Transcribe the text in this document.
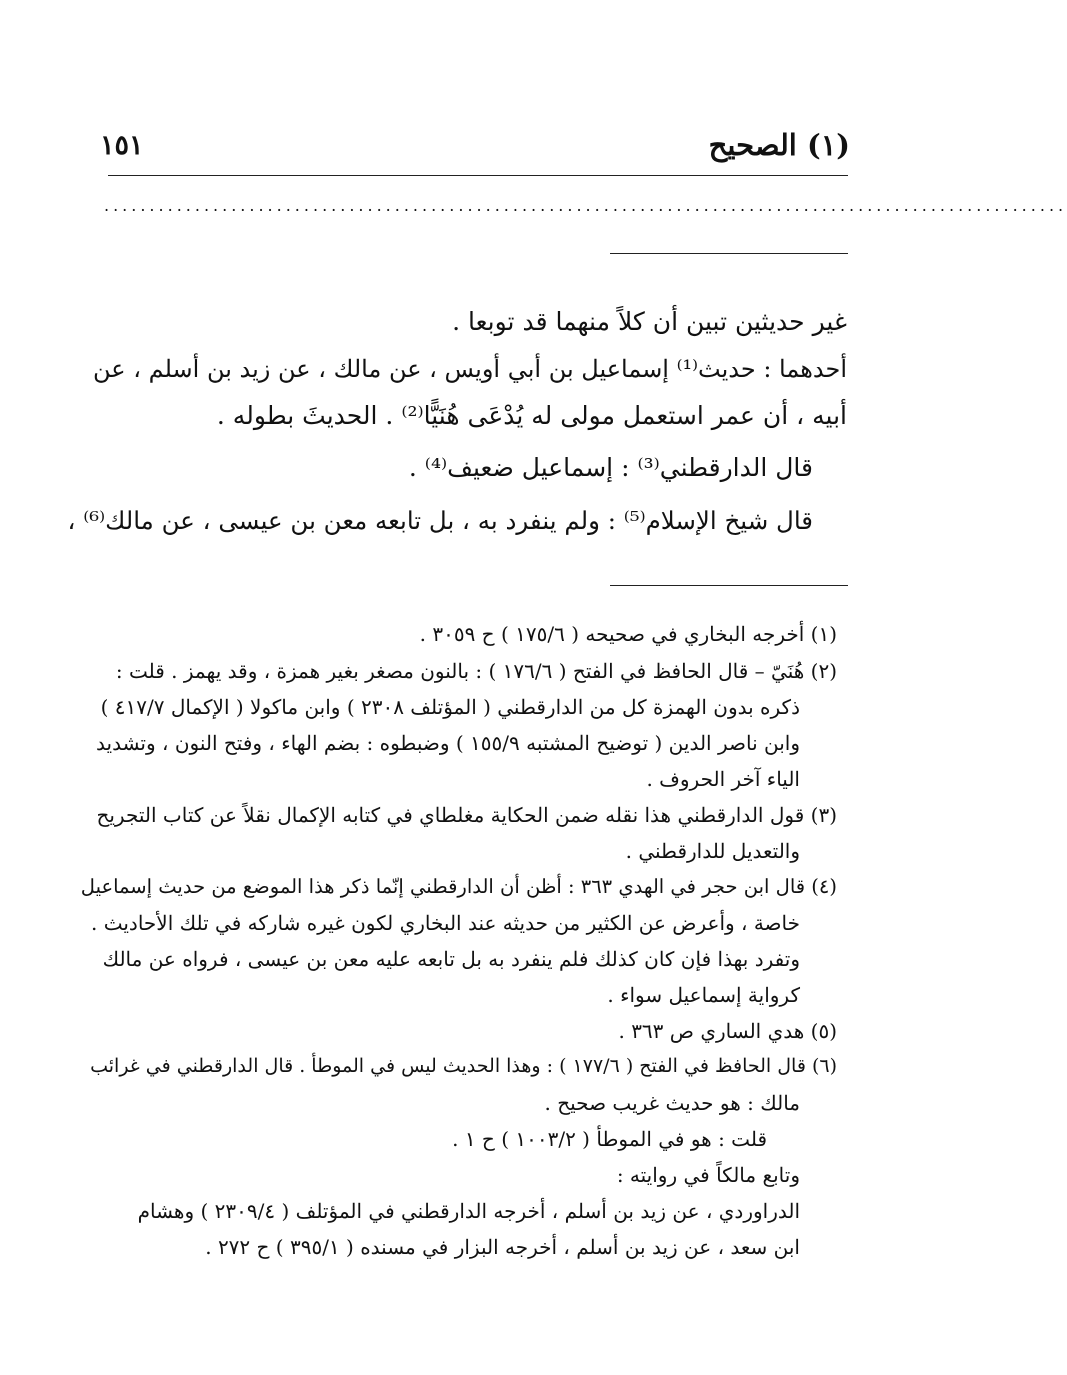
١٥١	(١) الصحيح
..........................................................................................................
غير حديثين تبين أن كلاً منهما قد توبعا .
أحدهما : حديث⁽¹⁾ إسماعيل بن أبي أويس ، عن مالك ، عن زيد بن أسلم ، عن
أبيه ، أن عمر استعمل مولى له يُدْعَى هُنَيًّا⁽²⁾ . الحديثَ بطوله .
قال الدارقطني⁽³⁾ : إسماعيل ضعيف⁽⁴⁾ .
قال شيخ الإسلام⁽⁵⁾ : ولم ينفرد به ، بل تابعه معن بن عيسى ، عن مالك⁽⁶⁾ ،
(١) أخرجه البخاري في صحيحه ( ١٧٥/٦ ) ح ٣٠٥٩ .
(٢) هُنَيّ – قال الحافظ في الفتح ( ١٧٦/٦ ) : بالنون مصغر بغير همزة ، وقد يهمز . قلت :
ذكره بدون الهمزة كل من الدارقطني ( المؤتلف ٢٣٠٨ ) وابن ماكولا ( الإكمال ٤١٧/٧ )
وابن ناصر الدين ( توضيح المشتبه ١٥٥/٩ ) وضبطوه : بضم الهاء ، وفتح النون ، وتشديد
الياء آخر الحروف .
(٣) قول الدارقطني هذا نقله ضمن الحكاية مغلطاي في كتابه الإكمال نقلاً عن كتاب التجريح
والتعديل للدارقطني .
(٤) قال ابن حجر في الهدي ٣٦٣ : أظن أن الدارقطني إنّما ذكر هذا الموضع من حديث إسماعيل
خاصة ، وأعرض عن الكثير من حديثه عند البخاري لكون غيره شاركه في تلك الأحاديث .
وتفرد بهذا فإن كان كذلك فلم ينفرد به بل تابعه عليه معن بن عيسى ، فرواه عن مالك
كرواية إسماعيل سواء .
(٥) هدي الساري ص ٣٦٣ .
(٦) قال الحافظ في الفتح ( ١٧٧/٦ ) : وهذا الحديث ليس في الموطأ . قال الدارقطني في غرائب
مالك : هو حديث غريب صحيح .
قلت : هو في الموطأ ( ١٠٠٣/٢ ) ح ١ .
وتابع مالكاً في روايته :
الدراوردي ، عن زيد بن أسلم ، أخرجه الدارقطني في المؤتلف ( ٢٣٠٩/٤ ) وهشام
ابن سعد ، عن زيد بن أسلم ، أخرجه البزار في مسنده ( ٣٩٥/١ ) ح ٢٧٢ .
